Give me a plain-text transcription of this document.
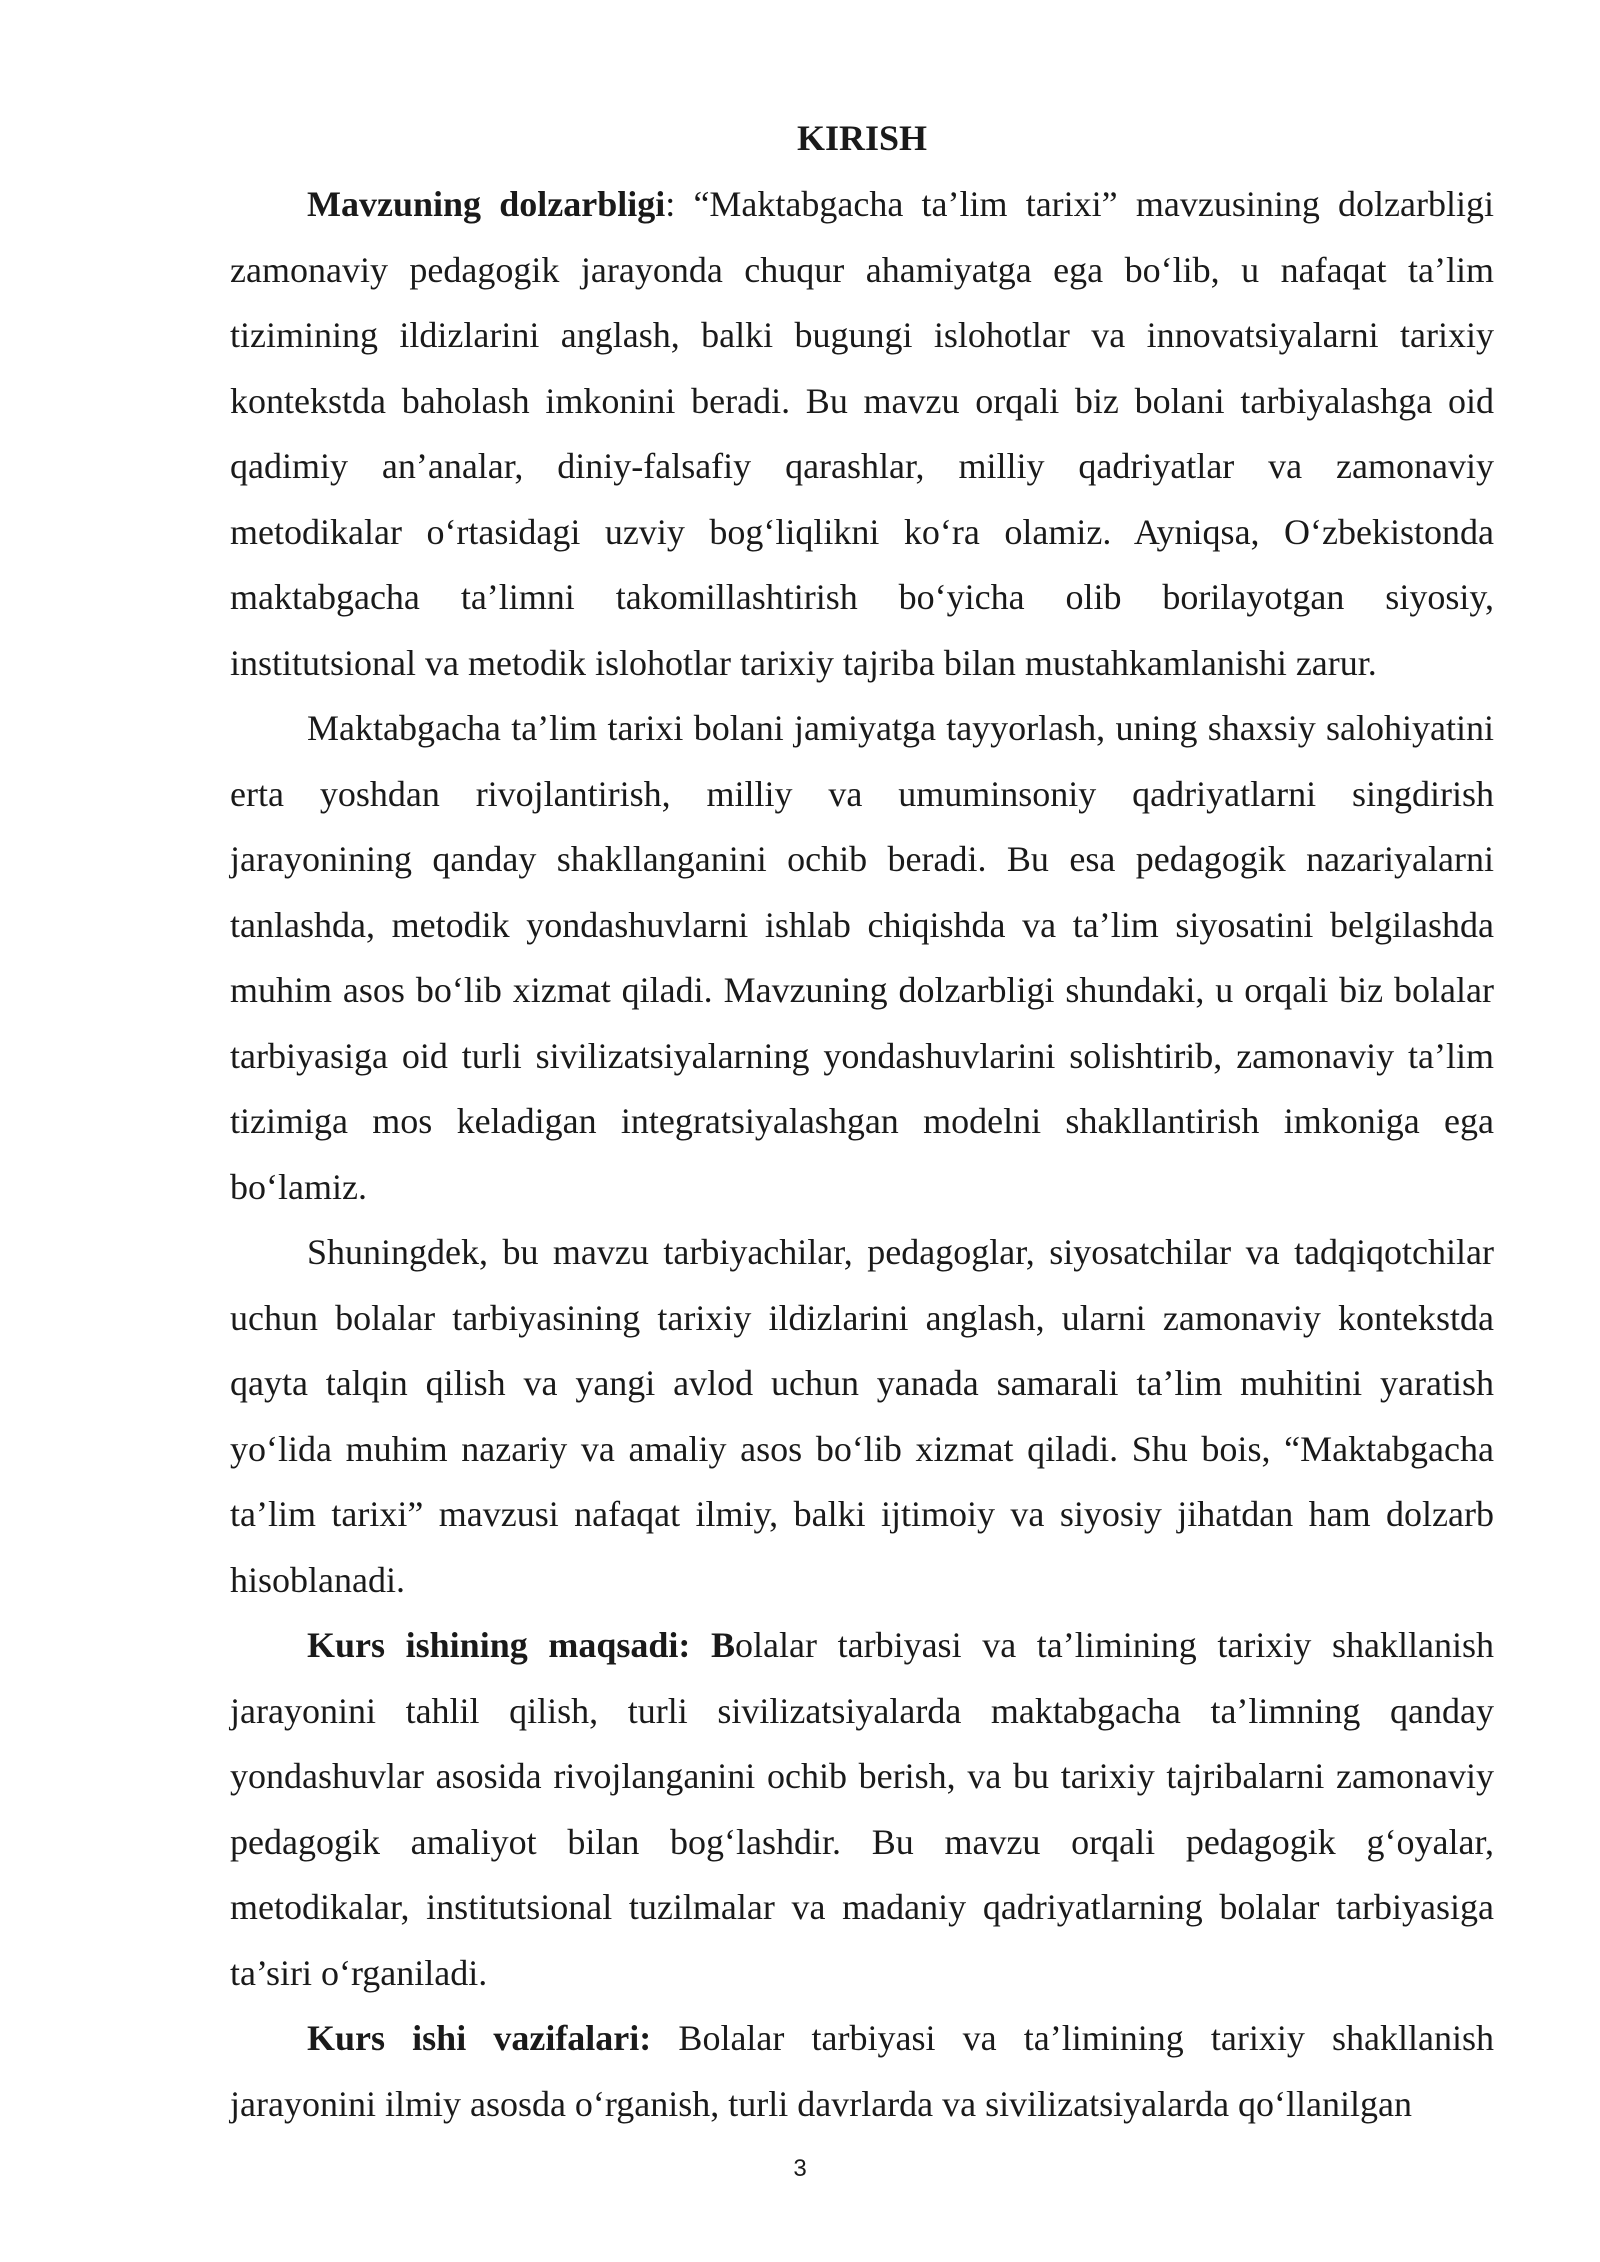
KIRISH

Mavzuning dolzarbligi: “Maktabgacha ta’lim tarixi” mavzusining dolzarbligi zamonaviy pedagogik jarayonda chuqur ahamiyatga ega bo‘lib, u nafaqat ta’lim tizimining ildizlarini anglash, balki bugungi islohotlar va innovatsiyalarni tarixiy kontekstda baholash imkonini beradi. Bu mavzu orqali biz bolani tarbiyalashga oid qadimiy an’analar, diniy-falsafiy qarashlar, milliy qadriyatlar va zamonaviy metodikalar o‘rtasidagi uzviy bog‘liqlikni ko‘ra olamiz. Ayniqsa, O‘zbekistonda maktabgacha ta’limni takomillashtirish bo‘yicha olib borilayotgan siyosiy, institutsional va metodik islohotlar tarixiy tajriba bilan mustahkamlanishi zarur.

Maktabgacha ta’lim tarixi bolani jamiyatga tayyorlash, uning shaxsiy salohiyatini erta yoshdan rivojlantirish, milliy va umuminsoniy qadriyatlarni singdirish jarayonining qanday shakllanganini ochib beradi. Bu esa pedagogik nazariyalarni tanlashda, metodik yondashuvlarni ishlab chiqishda va ta’lim siyosatini belgilashda muhim asos bo‘lib xizmat qiladi. Mavzuning dolzarbligi shundaki, u orqali biz bolalar tarbiyasiga oid turli sivilizatsiyalarning yondashuvlarini solishtirib, zamonaviy ta’lim tizimiga mos keladigan integratsiyalashgan modelni shakllantirish imkoniga ega bo‘lamiz.

Shuningdek, bu mavzu tarbiyachilar, pedagoglar, siyosatchilar va tadqiqotchilar uchun bolalar tarbiyasining tarixiy ildizlarini anglash, ularni zamonaviy kontekstda qayta talqin qilish va yangi avlod uchun yanada samarali ta’lim muhitini yaratish yo‘lida muhim nazariy va amaliy asos bo‘lib xizmat qiladi. Shu bois, “Maktabgacha ta’lim tarixi” mavzusi nafaqat ilmiy, balki ijtimoiy va siyosiy jihatdan ham dolzarb hisoblanadi.

Kurs ishining maqsadi: Bolalar tarbiyasi va ta’limining tarixiy shakllanish jarayonini tahlil qilish, turli sivilizatsiyalarda maktabgacha ta’limning qanday yondashuvlar asosida rivojlanganini ochib berish, va bu tarixiy tajribalarni zamonaviy pedagogik amaliyot bilan bog‘lashdir. Bu mavzu orqali pedagogik g‘oyalar, metodikalar, institutsional tuzilmalar va madaniy qadriyatlarning bolalar tarbiyasiga ta’siri o‘rganiladi.

Kurs ishi vazifalari: Bolalar tarbiyasi va ta’limining tarixiy shakllanish jarayonini ilmiy asosda o‘rganish, turli davrlarda va sivilizatsiyalarda qo‘llanilgan

3
